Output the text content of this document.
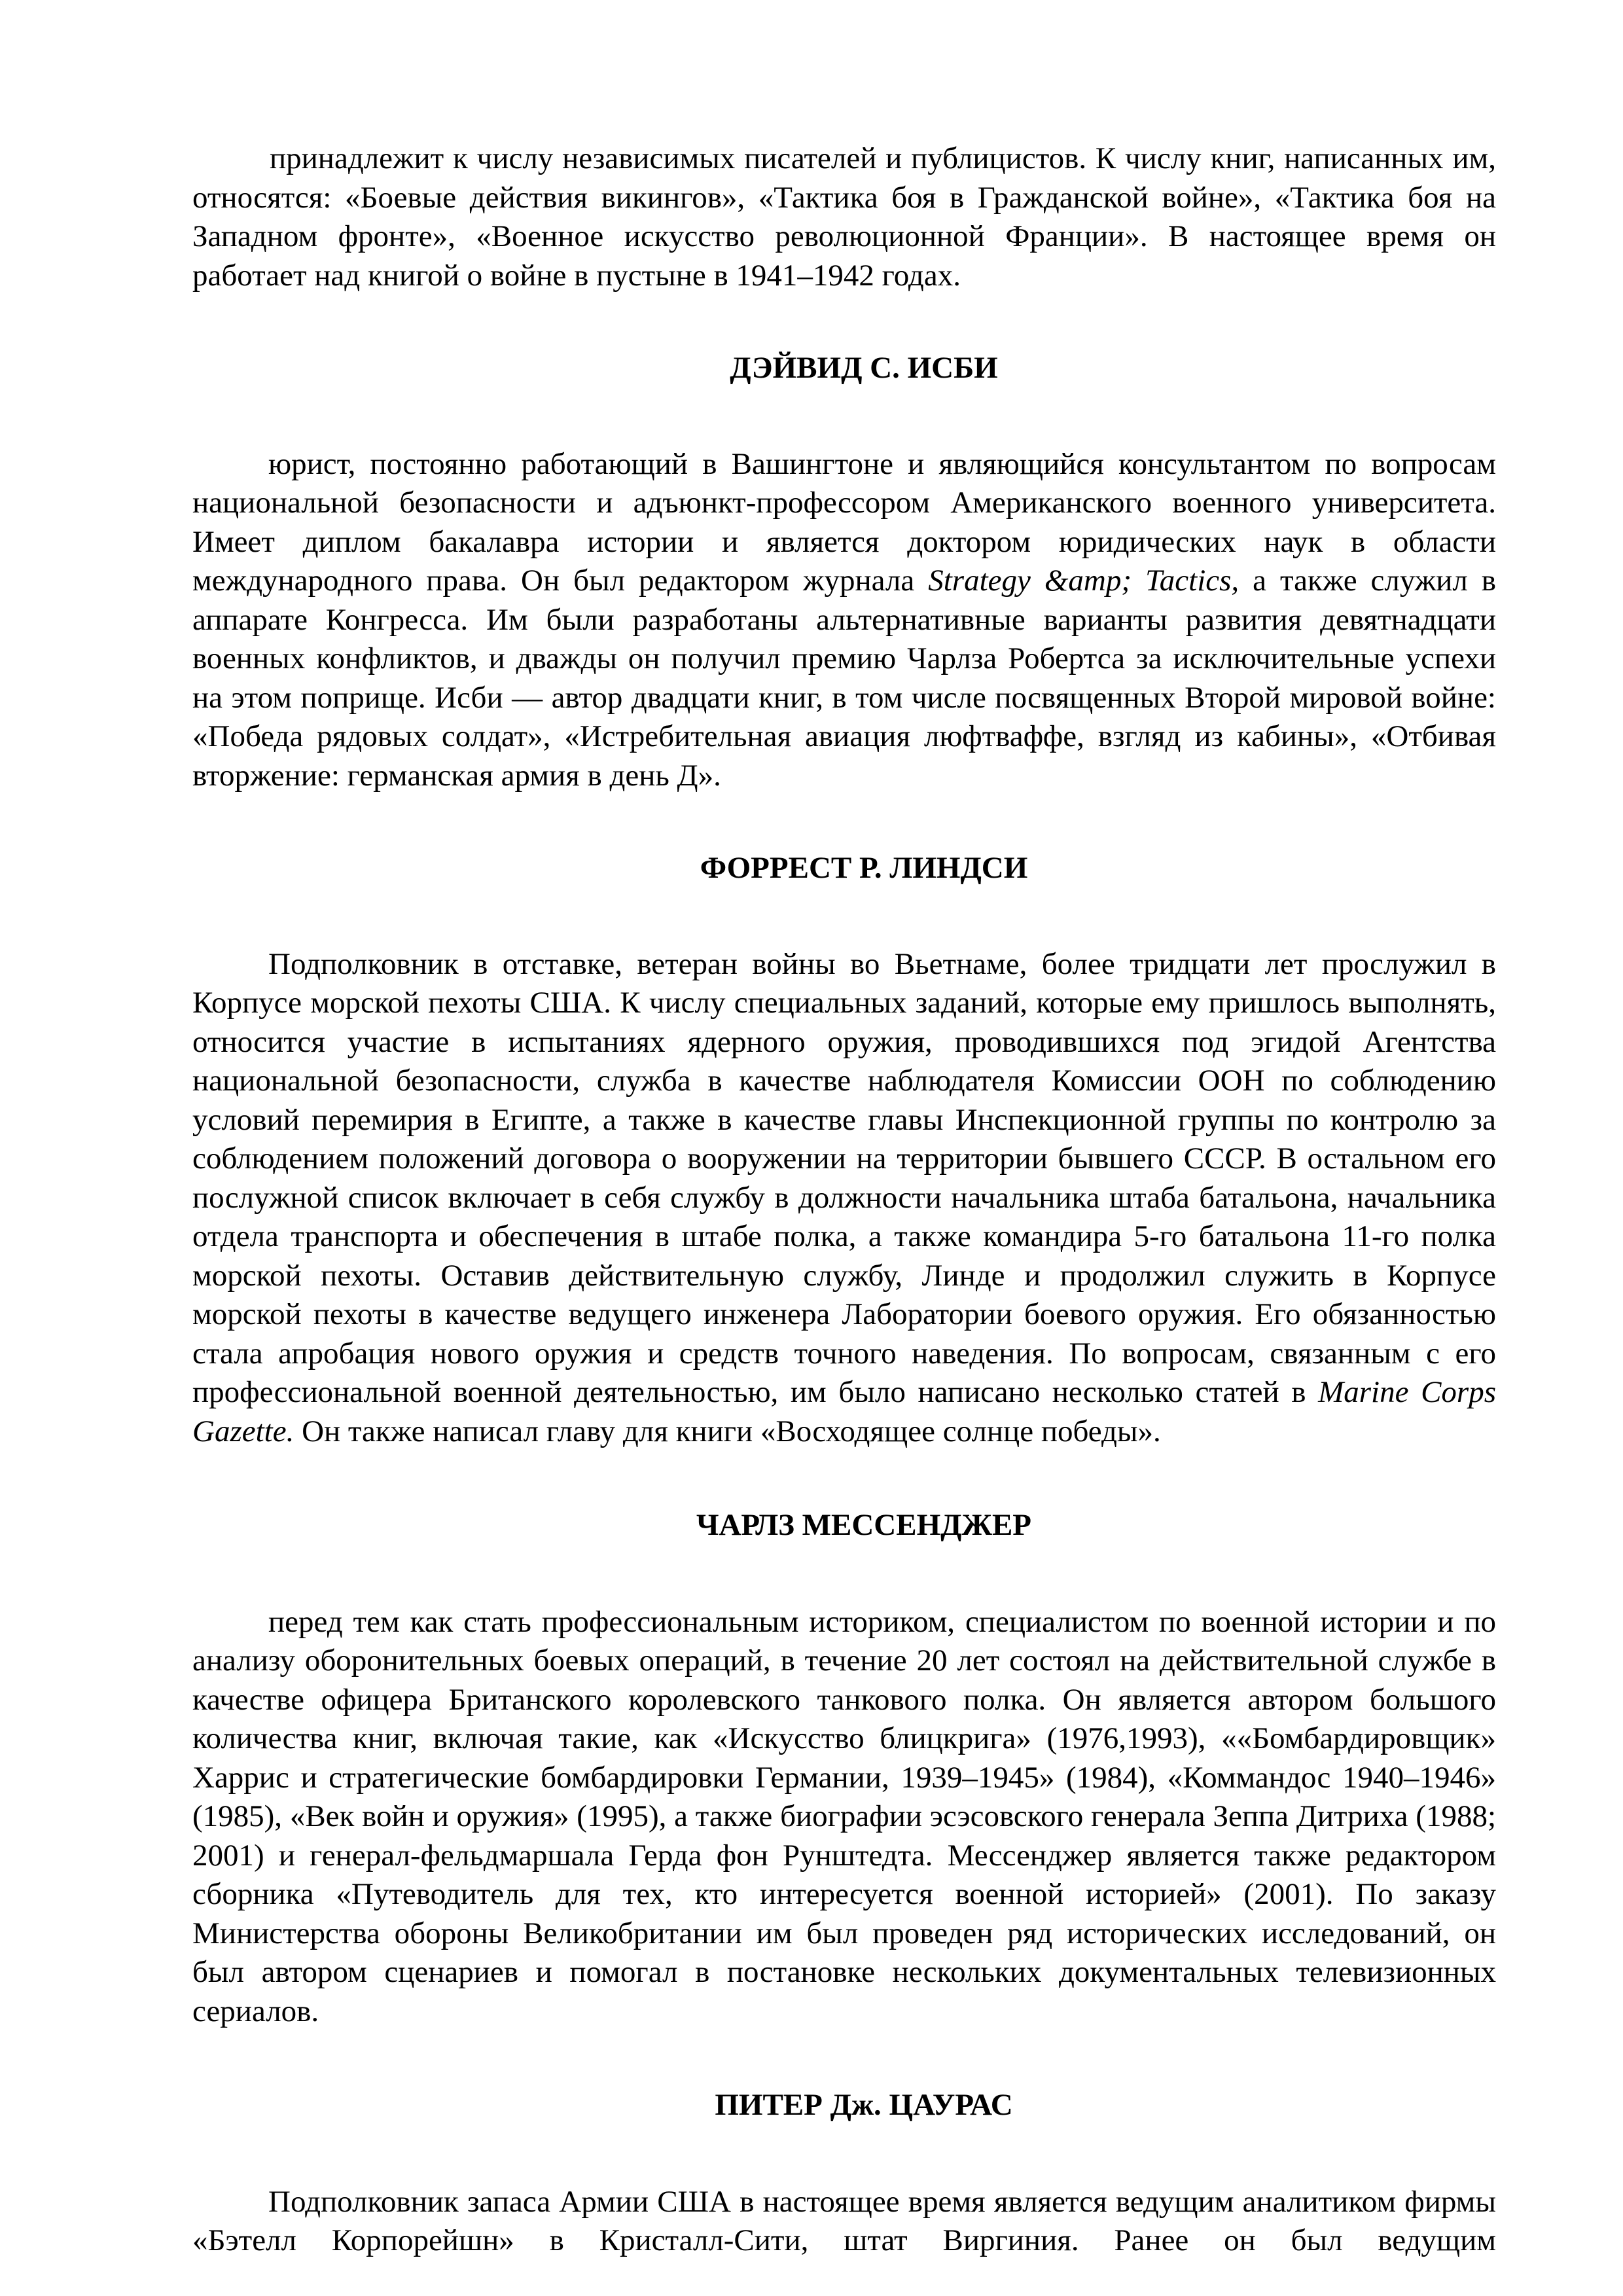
принадлежит к числу независимых писателей и публицистов. К числу книг, написанных им, относятся: «Боевые действия викингов», «Тактика боя в Гражданской войне», «Тактика боя на Западном фронте», «Военное искусство революционной Франции». В настоящее время он работает над книгой о войне в пустыне в 1941–1942 годах.

ДЭЙВИД С. ИСБИ

юрист, постоянно работающий в Вашингтоне и являющийся консультантом по вопросам национальной безопасности и адъюнкт-профессором Американского военного университета. Имеет диплом бакалавра истории и является доктором юридических наук в области международного права. Он был редактором журнала Strategy &amp; Tactics, а также служил в аппарате Конгресса. Им были разработаны альтернативные варианты развития девятнадцати военных конфликтов, и дважды он получил премию Чарлза Робертса за исключительные успехи на этом поприще. Исби — автор двадцати книг, в том числе посвященных Второй мировой войне: «Победа рядовых солдат», «Истребительная авиация люфтваффе, взгляд из кабины», «Отбивая вторжение: германская армия в день Д».

ФОРРЕСТ Р. ЛИНДСИ

Подполковник в отставке, ветеран войны во Вьетнаме, более тридцати лет прослужил в Корпусе морской пехоты США. К числу специальных заданий, которые ему пришлось выполнять, относится участие в испытаниях ядерного оружия, проводившихся под эгидой Агентства национальной безопасности, служба в качестве наблюдателя Комиссии ООН по соблюдению условий перемирия в Египте, а также в качестве главы Инспекционной группы по контролю за соблюдением положений договора о вооружении на территории бывшего СССР. В остальном его послужной список включает в себя службу в должности начальника штаба батальона, начальника отдела транспорта и обеспечения в штабе полка, а также командира 5-го батальона 11-го полка морской пехоты. Оставив действительную службу, Линде и продолжил служить в Корпусе морской пехоты в качестве ведущего инженера Лаборатории боевого оружия. Его обязанностью стала апробация нового оружия и средств точного наведения. По вопросам, связанным с его профессиональной военной деятельностью, им было написано несколько статей в Marine Corps Gazette. Он также написал главу для книги «Восходящее солнце победы».

ЧАРЛЗ МЕССЕНДЖЕР

перед тем как стать профессиональным историком, специалистом по военной истории и по анализу оборонительных боевых операций, в течение 20 лет состоял на действительной службе в качестве офицера Британского королевского танкового полка. Он является автором большого количества книг, включая такие, как «Искусство блицкрига» (1976,1993), ««Бомбардировщик» Харрис и стратегические бомбардировки Германии, 1939–1945» (1984), «Коммандос 1940–1946» (1985), «Век войн и оружия» (1995), а также биографии эсэсовского генерала Зеппа Дитриха (1988; 2001) и генерал-фельдмаршала Герда фон Рунштедта. Мессенджер является также редактором сборника «Путеводитель для тех, кто интересуется военной историей» (2001). По заказу Министерства обороны Великобритании им был проведен ряд исторических исследований, он был автором сценариев и помогал в постановке нескольких документальных телевизионных сериалов.

ПИТЕР Дж. ЦАУРАС

Подполковник запаса Армии США в настоящее время является ведущим аналитиком фирмы «Бэтелл Корпорейшн» в Кристалл-Сити, штат Виргиния. Ранее он был ведущим
